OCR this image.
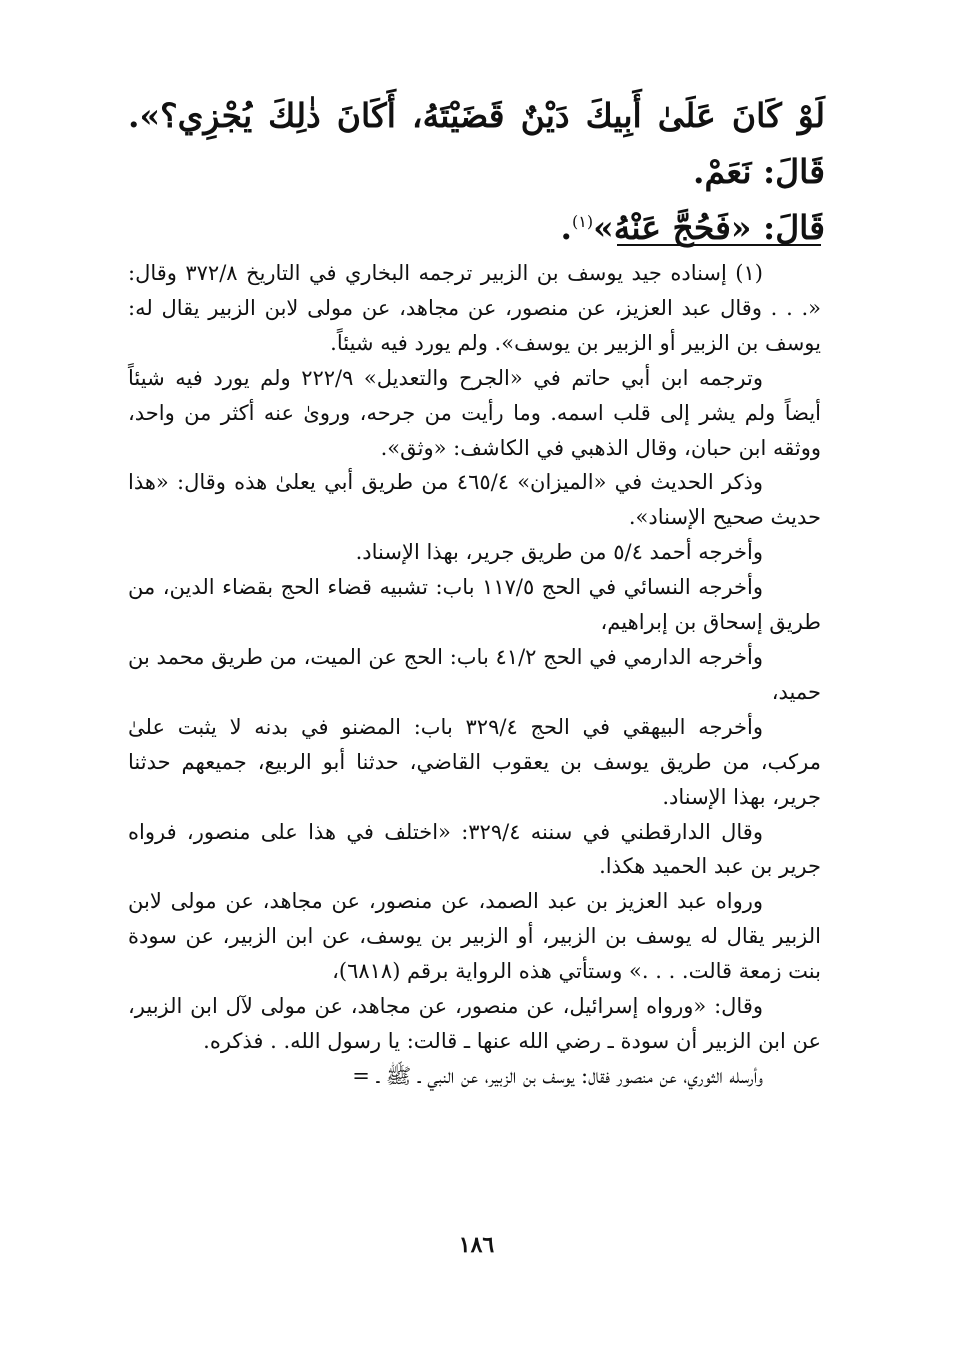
لَوْ كَانَ عَلَىٰ أَبِيكَ دَيْنٌ قَضَيْتَهُ، أَكَانَ ذٰلِكَ يُجْزِي؟». قَالَ: نَعَمْ.

قَالَ: «فَحُجَّ عَنْهُ»$^{(١)}$.

(١) إسناده جيد يوسف بن الزبير ترجمه البخاري في التاريخ ٣٧٢/٨ وقال: «. . . وقال عبد العزيز، عن منصور، عن مجاهد، عن مولى لابن الزبير يقال له: يوسف بن الزبير أو الزبير بن يوسف». ولم يورد فيه شيئاً.

وترجمه ابن أبي حاتم في «الجرح والتعديل» ٢٢٢/٩ ولم يورد فيه شيئاً أيضاً ولم يشر إلى قلب اسمه. وما رأيت من جرحه، وروىٰ عنه أكثر من واحد، ووثقه ابن حبان، وقال الذهبي في الكاشف: «وثق».

وذكر الحديث في «الميزان» ٤٦٥/٤ من طريق أبي يعلىٰ هذه وقال: «هذا حديث صحيح الإسناد».

وأخرجه أحمد ٥/٤ من طريق جرير، بهذا الإسناد.

وأخرجه النسائي في الحج ١١٧/٥ باب: تشبيه قضاء الحج بقضاء الدين، من طريق إسحاق بن إبراهيم،

وأخرجه الدارمي في الحج ٤١/٢ باب: الحج عن الميت، من طريق محمد بن حميد،

وأخرجه البيهقي في الحج ٣٢٩/٤ باب: المضنو في بدنه لا يثبت علىٰ مركب، من طريق يوسف بن يعقوب القاضي، حدثنا أبو الربيع، جميعهم حدثنا جرير، بهذا الإسناد.

وقال الدارقطني في سننه ٣٢٩/٤: «اختلف في هذا على منصور، فرواه جرير بن عبد الحميد هكذا.

ورواه عبد العزيز بن عبد الصمد، عن منصور، عن مجاهد، عن مولى لابن الزبير يقال له يوسف بن الزبير، أو الزبير بن يوسف، عن ابن الزبير، عن سودة بنت زمعة قالت. . . .» وستأتي هذه الرواية برقم (٦٨١٨)،

وقال: «ورواه إسرائيل، عن منصور، عن مجاهد، عن مولى لآل ابن الزبير، عن ابن الزبير أن سودة ـ رضي الله عنها ـ قالت: يا رسول الله. . فذكره.

وأرسله الثوري، عن منصور فقال: يوسف بن الزبير، عن النبي ـ ﷺ ـ =

١٨٦
